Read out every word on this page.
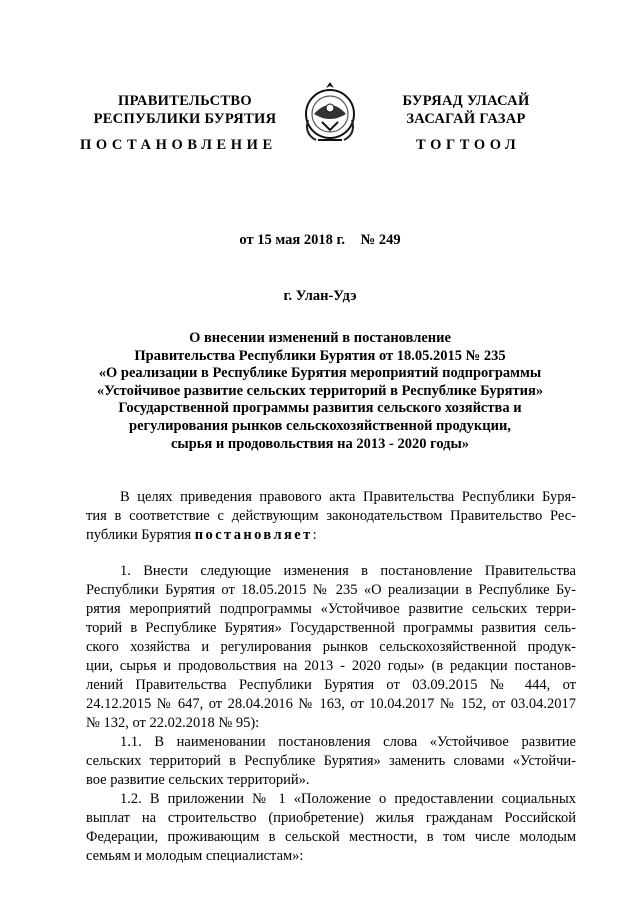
ПРАВИТЕЛЬСТВО
РЕСПУБЛИКИ БУРЯТИЯ
БУРЯАД УЛАСАЙ
ЗАСАГАЙ ГАЗАР
ПОСТАНОВЛЕНИЕ	ТОГТООЛ
от 15 мая 2018 г. № 249
г. Улан-Удэ
О внесении изменений в постановление
Правительства Республики Бурятия от 18.05.2015 № 235
«О реализации в Республике Бурятия мероприятий подпрограммы
«Устойчивое развитие сельских территорий в Республике Бурятия»
Государственной программы развития сельского хозяйства и
регулирования рынков сельскохозяйственной продукции,
сырья и продовольствия на 2013 - 2020 годы»
В целях приведения правового акта Правительства Республики Буря-
тия в соответствие с действующим законодательством Правительство Рес-
публики Бурятия постановляет:
1. Внести следующие изменения в постановление Правительства
Республики Бурятия от 18.05.2015 № 235 «О реализации в Республике Бу-
рятия мероприятий подпрограммы «Устойчивое развитие сельских терри-
торий в Республике Бурятия» Государственной программы развития сель-
ского хозяйства и регулирования рынков сельскохозяйственной продук-
ции, сырья и продовольствия на 2013 - 2020 годы» (в редакции постанов-
лений Правительства Республики Бурятия от 03.09.2015 № 444, от
24.12.2015 № 647, от 28.04.2016 № 163, от 10.04.2017 № 152, от 03.04.2017
№ 132, от 22.02.2018 № 95):
1.1. В наименовании постановления слова «Устойчивое развитие
сельских территорий в Республике Бурятия» заменить словами «Устойчи-
вое развитие сельских территорий».
1.2. В приложении № 1 «Положение о предоставлении социальных
выплат на строительство (приобретение) жилья гражданам Российской
Федерации, проживающим в сельской местности, в том числе молодым
семьям и молодым специалистам»:
